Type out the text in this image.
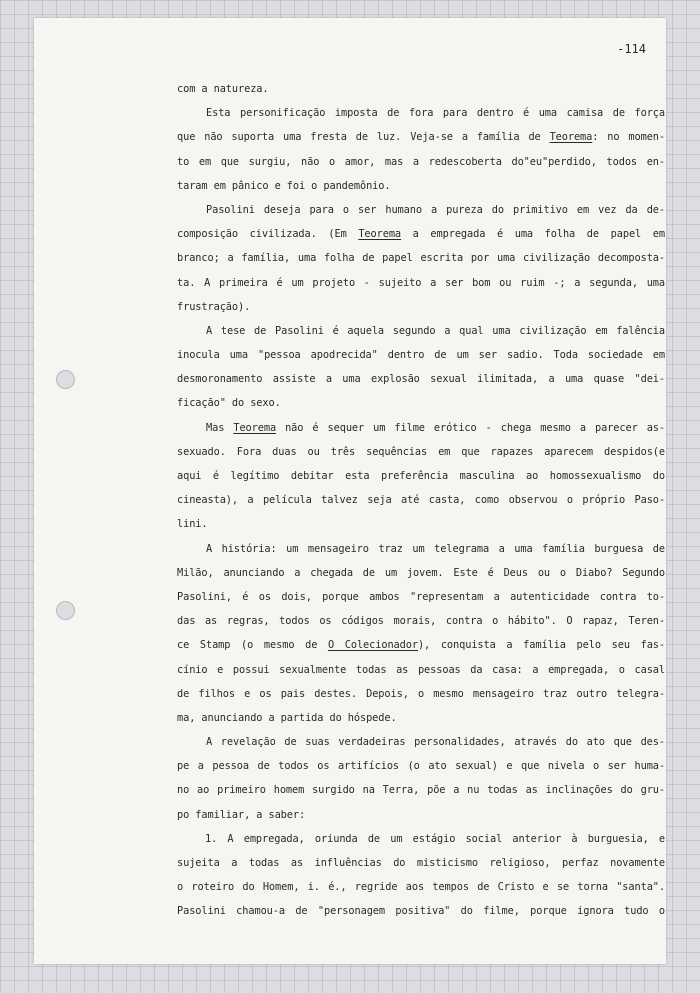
-114
com a natureza.
Esta personificação imposta de fora para dentro é uma camisa de força
que não suporta uma fresta de luz. Veja-se a família de Teorema: no momen-
to em que surgiu, não o amor, mas a redescoberta do"eu"perdido, todos en-
taram em pânico e foi o pandemônio.
Pasolini deseja para o ser humano a pureza do primitivo em vez da de-
composição civilizada. (Em Teorema a empregada é uma folha de papel em
branco; a família, uma folha de papel escrita por uma civilização decomposta-
ta. A primeira é um projeto - sujeito a ser bom ou ruim -; a segunda, uma
frustração).
A tese de Pasolini é aquela segundo a qual uma civilização em falência
inocula uma "pessoa apodrecida" dentro de um ser sadio. Toda sociedade em
desmoronamento assiste a uma explosão sexual ilimitada, a uma quase "dei-
ficação" do sexo.
Mas Teorema não é sequer um filme erótico - chega mesmo a parecer as-
sexuado. Fora duas ou três sequências em que rapazes aparecem despidos(e
aqui é legítimo debitar esta preferência masculina ao homossexualismo do
cineasta), a película talvez seja até casta, como observou o próprio Paso-
lini.
A história: um mensageiro traz um telegrama a uma família burguesa de
Milão, anunciando a chegada de um jovem. Este é Deus ou o Diabo? Segundo
Pasolini, é os dois, porque ambos "representam a autenticidade contra to-
das as regras, todos os códigos morais, contra o hábito". O rapaz, Teren-
ce Stamp (o mesmo de O Colecionador), conquista a família pelo seu fas-
cínio e possui sexualmente todas as pessoas da casa: a empregada, o casal
de filhos e os pais destes. Depois, o mesmo mensageiro traz outro telegra-
ma, anunciando a partida do hóspede.
A revelação de suas verdadeiras personalidades, através do ato que des-
pe a pessoa de todos os artifícios (o ato sexual) e que nivela o ser huma-
no ao primeiro homem surgido na Terra, põe a nu todas as inclinações do gru-
po familiar, a saber:
1. A empregada, oriunda de um estágio social anterior à burguesia, e
sujeita a todas as influências do misticismo religioso, perfaz novamente
o roteiro do Homem, i. é., regride aos tempos de Cristo e se torna "santa".
Pasolini chamou-a de "personagem positiva" do filme, porque ignora tudo o
